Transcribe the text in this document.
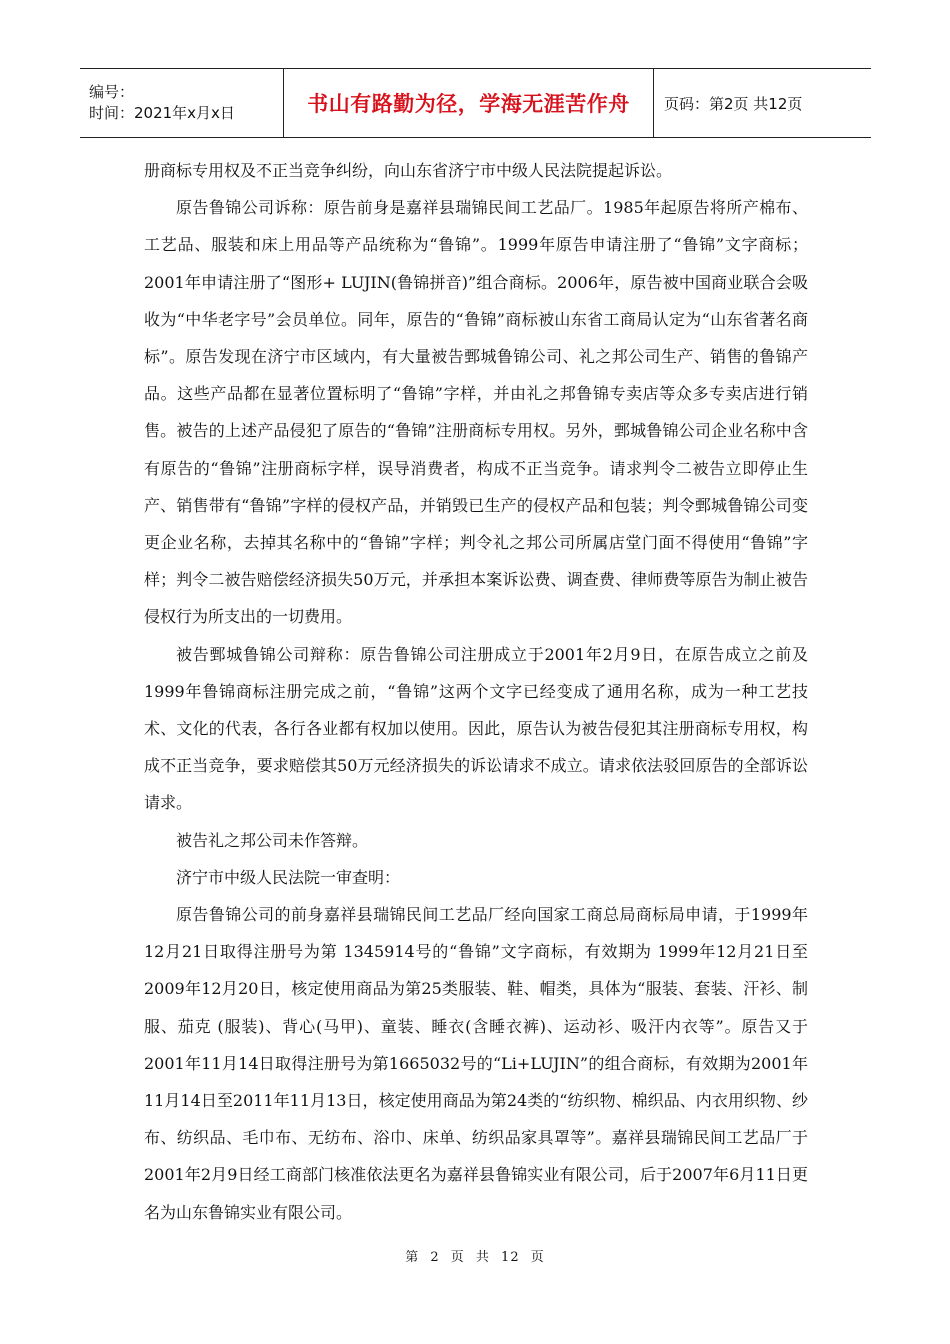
编号：
时间：2021年x月x日	书山有路勤为径，学海无涯苦作舟 页码：第2页 共12页

册商标专用权及不正当竞争纠纷，向山东省济宁市中级人民法院提起诉讼。

原告鲁锦公司诉称：原告前身是嘉祥县瑞锦民间工艺品厂。1985年起原告将所产棉布、工艺品、服装和床上用品等产品统称为“鲁锦”。1999年原告申请注册了“鲁锦”文字商标；2001年申请注册了“图形+ LUJIN(鲁锦拼音)”组合商标。2006年，原告被中国商业联合会吸收为“中华老字号”会员单位。同年，原告的“鲁锦”商标被山东省工商局认定为“山东省著名商标”。原告发现在济宁市区域内，有大量被告鄄城鲁锦公司、礼之邦公司生产、销售的鲁锦产品。这些产品都在显著位置标明了“鲁锦”字样，并由礼之邦鲁锦专卖店等众多专卖店进行销售。被告的上述产品侵犯了原告的“鲁锦”注册商标专用权。另外，鄄城鲁锦公司企业名称中含有原告的“鲁锦”注册商标字样，误导消费者，构成不正当竞争。请求判令二被告立即停止生产、销售带有“鲁锦”字样的侵权产品，并销毁已生产的侵权产品和包装；判令鄄城鲁锦公司变更企业名称，去掉其名称中的“鲁锦”字样；判令礼之邦公司所属店堂门面不得使用“鲁锦”字样；判令二被告赔偿经济损失50万元，并承担本案诉讼费、调查费、律师费等原告为制止被告侵权行为所支出的一切费用。

被告鄄城鲁锦公司辩称：原告鲁锦公司注册成立于2001年2月9日，在原告成立之前及1999年鲁锦商标注册完成之前，“鲁锦”这两个文字已经变成了通用名称，成为一种工艺技术、文化的代表，各行各业都有权加以使用。因此，原告认为被告侵犯其注册商标专用权，构成不正当竞争，要求赔偿其50万元经济损失的诉讼请求不成立。请求依法驳回原告的全部诉讼请求。

被告礼之邦公司未作答辩。

济宁市中级人民法院一审查明：

原告鲁锦公司的前身嘉祥县瑞锦民间工艺品厂经向国家工商总局商标局申请，于1999年12月21日取得注册号为第 1345914号的“鲁锦”文字商标，有效期为 1999年12月21日至2009年12月20日，核定使用商品为第25类服装、鞋、帽类，具体为“服装、套装、汗衫、制服、茄克 (服装)、背心(马甲)、童装、睡衣(含睡衣裤)、运动衫、吸汗内衣等”。原告又于2001年11月14日取得注册号为第1665032号的“Li+LUJIN”的组合商标，有效期为2001年11月14日至2011年11月13日，核定使用商品为第24类的“纺织物、棉织品、内衣用织物、纱布、纺织品、毛巾布、无纺布、浴巾、床单、纺织品家具罩等”。嘉祥县瑞锦民间工艺品厂于2001年2月9日经工商部门核准依法更名为嘉祥县鲁锦实业有限公司，后于2007年6月11日更名为山东鲁锦实业有限公司。

第 2 页 共 12 页
